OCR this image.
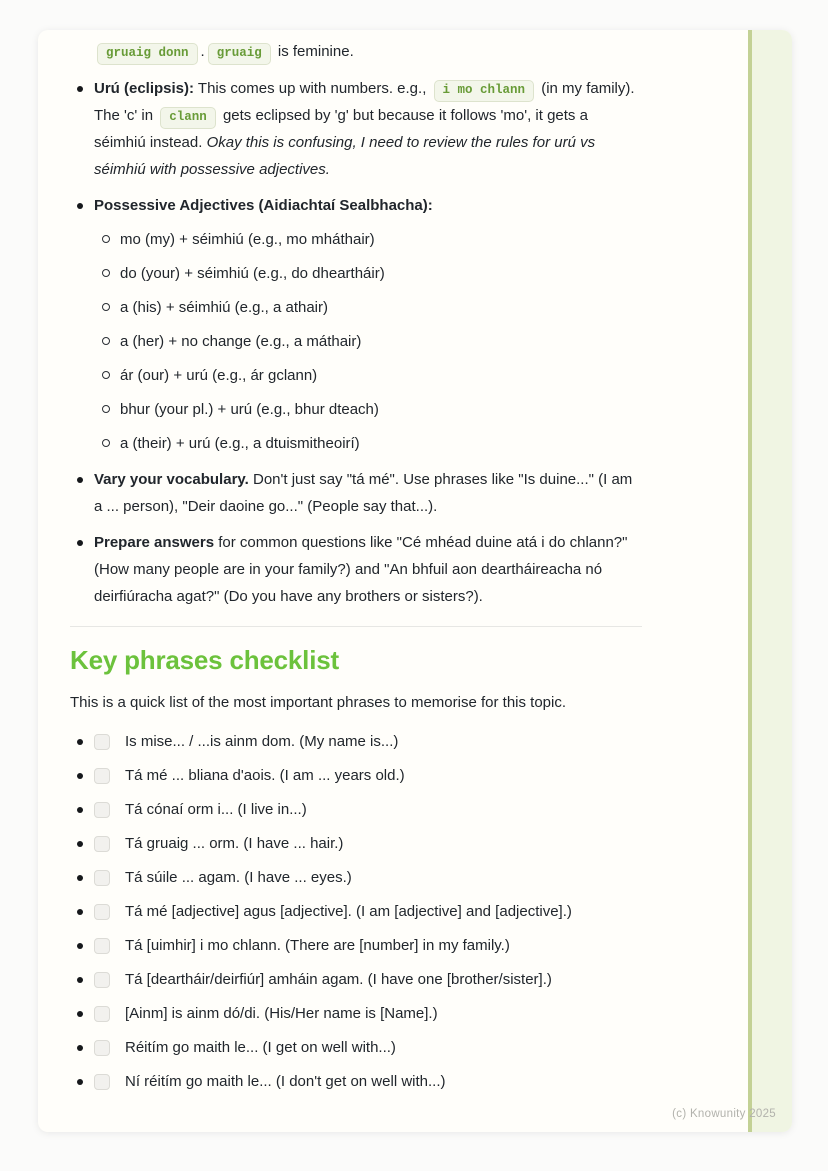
gruaig donn . gruaig is feminine.

Urú (eclipsis): This comes up with numbers. e.g., i mo chlann (in my family). The 'c' in clann gets eclipsed by 'g' but because it follows 'mo', it gets a séimhiú instead. Okay this is confusing, I need to review the rules for urú vs séimhiú with possessive adjectives.
Possessive Adjectives (Aidiachtaí Sealbhacha):
mo (my) + séimhiú (e.g., mo mháthair)
do (your) + séimhiú (e.g., do dheartháir)
a (his) + séimhiú (e.g., a athair)
a (her) + no change (e.g., a máthair)
ár (our) + urú (e.g., ár gclann)
bhur (your pl.) + urú (e.g., bhur dteach)
a (their) + urú (e.g., a dtuismitheoirí)
Vary your vocabulary. Don't just say "tá mé". Use phrases like "Is duine..." (I am a ... person), "Deir daoine go..." (People say that...).
Prepare answers for common questions like "Cé mhéad duine atá i do chlann?" (How many people are in your family?) and "An bhfuil aon deartháireacha nó deirfiúracha agat?" (Do you have any brothers or sisters?).
Key phrases checklist

This is a quick list of the most important phrases to memorise for this topic.

Is mise... / ...is ainm dom. (My name is...)
Tá mé ... bliana d'aois. (I am ... years old.)
Tá cónaí orm i... (I live in...)
Tá gruaig ... orm. (I have ... hair.)
Tá súile ... agam. (I have ... eyes.)
Tá mé [adjective] agus [adjective]. (I am [adjective] and [adjective].)
Tá [uimhir] i mo chlann. (There are [number] in my family.)
Tá [deartháir/deirfiúr] amháin agam. (I have one [brother/sister].)
[Ainm] is ainm dó/di. (His/Her name is [Name].)
Réitím go maith le... (I get on well with...)
Ní réitím go maith le... (I don't get on well with...)
(c) Knowunity 2025
